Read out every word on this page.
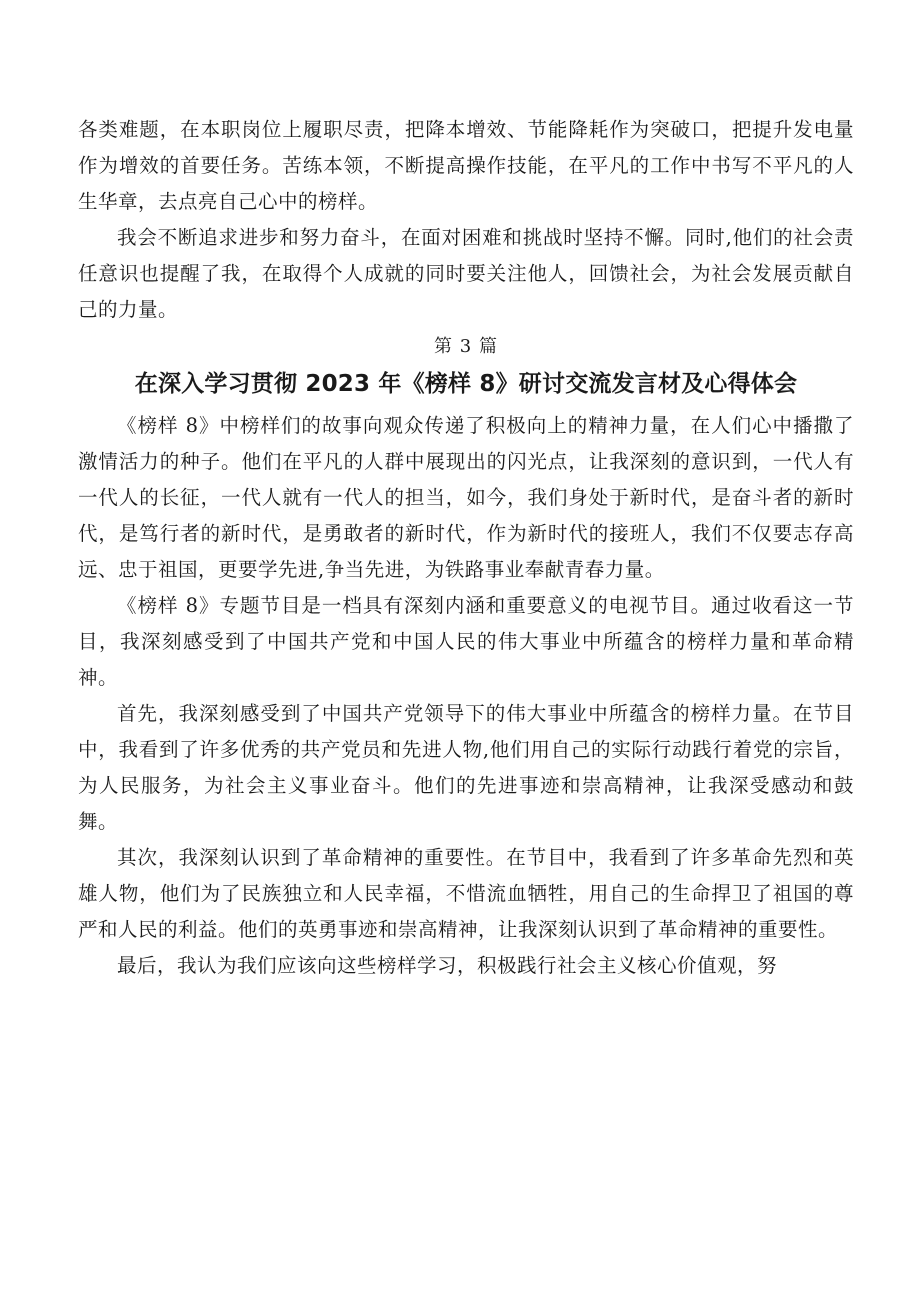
各类难题，在本职岗位上履职尽责，把降本增效、节能降耗作为突破口，把提升发电量作为增效的首要任务。苦练本领，不断提高操作技能，在平凡的工作中书写不平凡的人生华章，去点亮自己心中的榜样。

我会不断追求进步和努力奋斗，在面对困难和挑战时坚持不懈。同时,他们的社会责任意识也提醒了我，在取得个人成就的同时要关注他人，回馈社会，为社会发展贡献自己的力量。

第 3 篇

在深入学习贯彻 2023 年《榜样 8》研讨交流发言材及心得体会

《榜样 8》中榜样们的故事向观众传递了积极向上的精神力量，在人们心中播撒了激情活力的种子。他们在平凡的人群中展现出的闪光点，让我深刻的意识到，一代人有一代人的长征，一代人就有一代人的担当，如今，我们身处于新时代，是奋斗者的新时代，是笃行者的新时代，是勇敢者的新时代，作为新时代的接班人，我们不仅要志存高远、忠于祖国，更要学先进,争当先进，为铁路事业奉献青春力量。

《榜样 8》专题节目是一档具有深刻内涵和重要意义的电视节目。通过收看这一节目，我深刻感受到了中国共产党和中国人民的伟大事业中所蕴含的榜样力量和革命精神。

首先，我深刻感受到了中国共产党领导下的伟大事业中所蕴含的榜样力量。在节目中，我看到了许多优秀的共产党员和先进人物,他们用自己的实际行动践行着党的宗旨，为人民服务，为社会主义事业奋斗。他们的先进事迹和崇高精神，让我深受感动和鼓舞。

其次，我深刻认识到了革命精神的重要性。在节目中，我看到了许多革命先烈和英雄人物，他们为了民族独立和人民幸福，不惜流血牺牲，用自己的生命捍卫了祖国的尊严和人民的利益。他们的英勇事迹和崇高精神，让我深刻认识到了革命精神的重要性。

最后，我认为我们应该向这些榜样学习，积极践行社会主义核心价值观，努
